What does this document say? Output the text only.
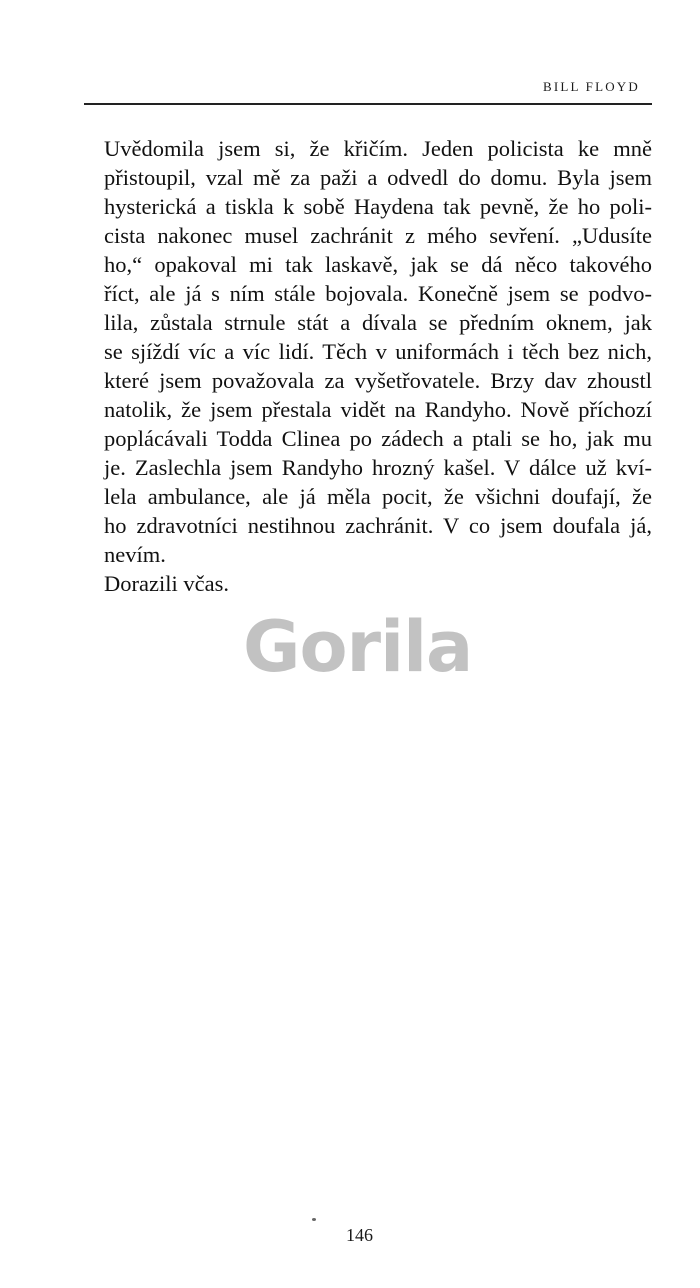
BILL FLOYD
Uvědomila jsem si, že křičím. Jeden policista ke mně
přistoupil, vzal mě za paži a odvedl do domu. Byla jsem
hysterická a tiskla k sobě Haydena tak pevně, že ho poli-
cista nakonec musel zachránit z mého sevření. „Udusíte
ho,“ opakoval mi tak laskavě, jak se dá něco takového
říct, ale já s ním stále bojovala. Konečně jsem se podvo-
lila, zůstala strnule stát a dívala se předním oknem, jak
se sjíždí víc a víc lidí. Těch v uniformách i těch bez nich,
které jsem považovala za vyšetřovatele. Brzy dav zhoustl
natolik, že jsem přestala vidět na Randyho. Nově příchozí
poplácávali Todda Clinea po zádech a ptali se ho, jak mu
je. Zaslechla jsem Randyho hrozný kašel. V dálce už kví-
lela ambulance, ale já měla pocit, že všichni doufají, že
ho zdravotníci nestihnou zachránit. V co jsem doufala já,
nevím.
Dorazili včas.
Gorila
146
